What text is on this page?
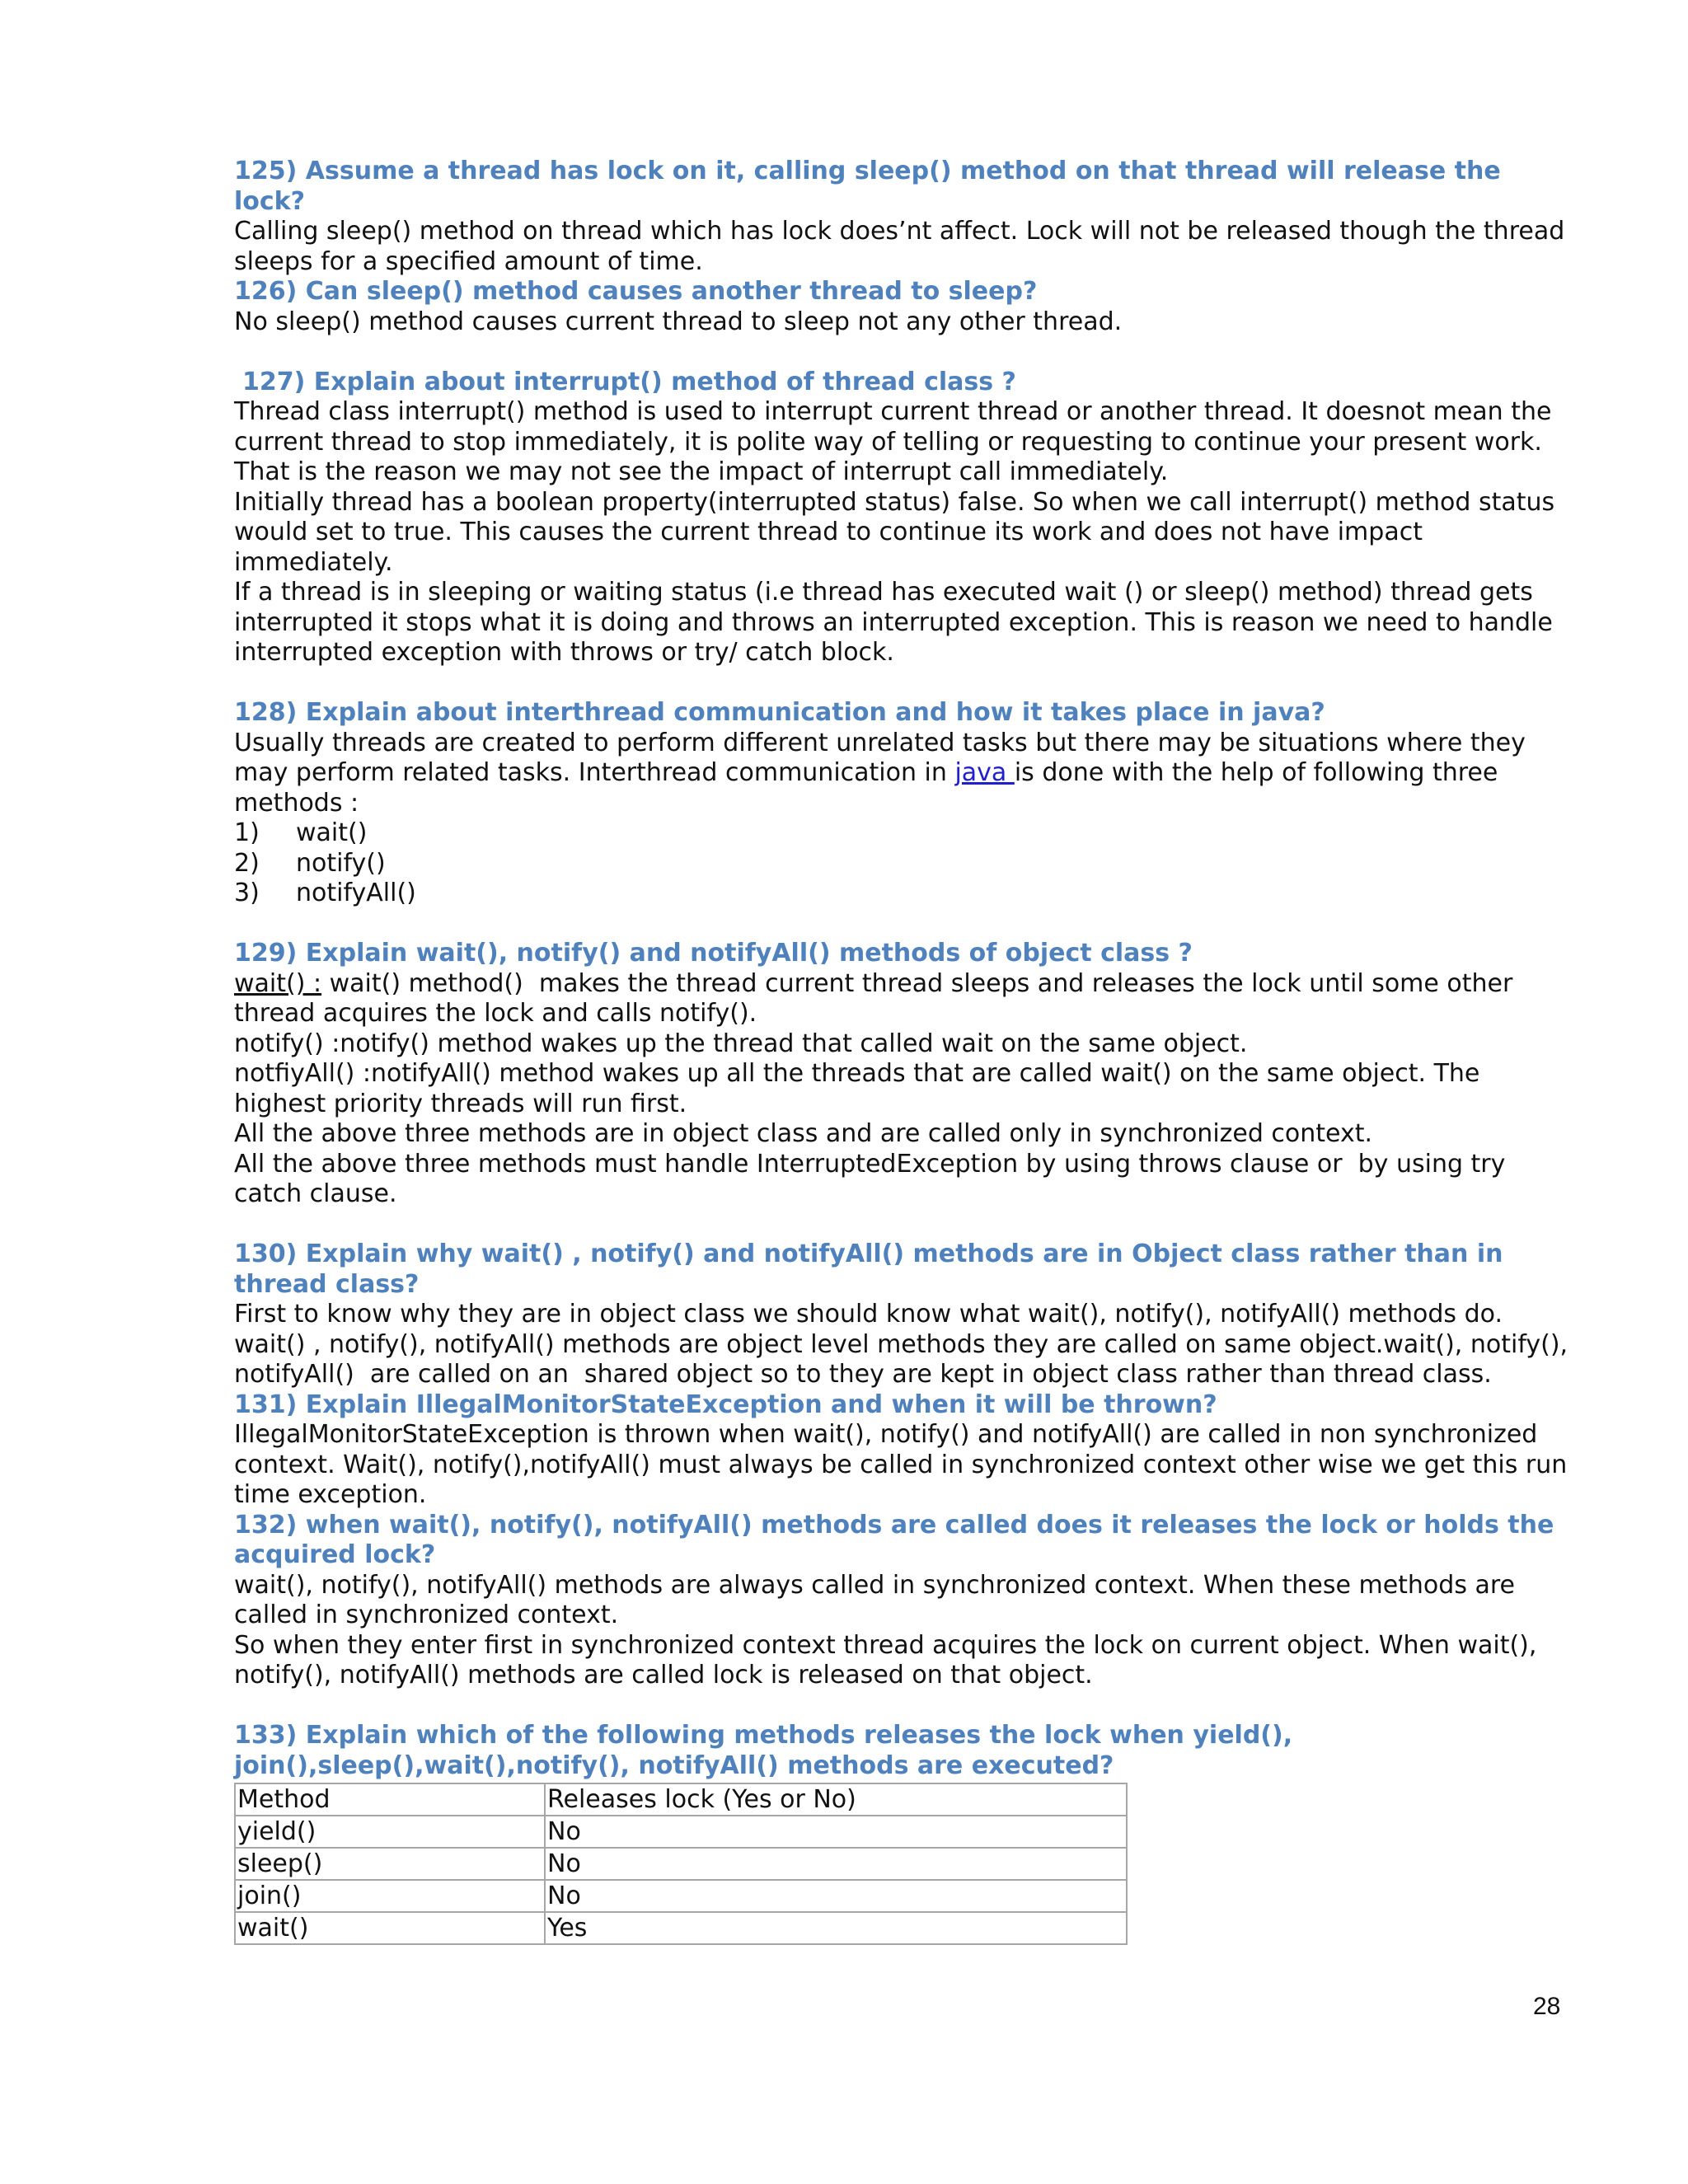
125) Assume a thread has lock on it, calling sleep() method on that thread will release the lock?

Calling sleep() method on thread which has lock does’nt affect. Lock will not be released though the thread sleeps for a specified amount of time.

126) Can sleep() method causes another thread to sleep?

No sleep() method causes current thread to sleep not any other thread.

127) Explain about interrupt() method of thread class ?

Thread class interrupt() method is used to interrupt current thread or another thread. It doesnot mean the current thread to stop immediately, it is polite way of telling or requesting to continue your present work. That is the reason we may not see the impact of interrupt call immediately.

Initially thread has a boolean property(interrupted status) false. So when we call interrupt() method status would set to true. This causes the current thread to continue its work and does not have impact immediately.

If a thread is in sleeping or waiting status (i.e thread has executed wait () or sleep() method) thread gets interrupted it stops what it is doing and throws an interrupted exception. This is reason we need to handle interrupted exception with throws or try/ catch block.

128) Explain about interthread communication and how it takes place in java?

Usually threads are created to perform different unrelated tasks but there may be situations where they may perform related tasks. Interthread communication in java is done with the help of following three methods :

1)	wait()
2)	notify()
3)	notifyAll()

129) Explain wait(), notify() and notifyAll() methods of object class ?

wait() : wait() method()  makes the thread current thread sleeps and releases the lock until some other thread acquires the lock and calls notify().

notify() :notify() method wakes up the thread that called wait on the same object.

notfiyAll() :notifyAll() method wakes up all the threads that are called wait() on the same object. The highest priority threads will run first.

All the above three methods are in object class and are called only in synchronized context.

All the above three methods must handle InterruptedException by using throws clause or  by using try catch clause.

130) Explain why wait() , notify() and notifyAll() methods are in Object class rather than in thread class?

First to know why they are in object class we should know what wait(), notify(), notifyAll() methods do. wait() , notify(), notifyAll() methods are object level methods they are called on same object.wait(), notify(), notifyAll()  are called on an  shared object so to they are kept in object class rather than thread class.

131) Explain IllegalMonitorStateException and when it will be thrown?

IllegalMonitorStateException is thrown when wait(), notify() and notifyAll() are called in non synchronized context. Wait(), notify(),notifyAll() must always be called in synchronized context other wise we get this run time exception.

132) when wait(), notify(), notifyAll() methods are called does it releases the lock or holds the acquired lock?

wait(), notify(), notifyAll() methods are always called in synchronized context. When these methods are called in synchronized context.

So when they enter first in synchronized context thread acquires the lock on current object. When wait(), notify(), notifyAll() methods are called lock is released on that object.

133) Explain which of the following methods releases the lock when yield(), join(),sleep(),wait(),notify(), notifyAll() methods are executed?

Method	Releases lock (Yes or No)
yield()	No
sleep()	No
join()	No
wait()	Yes
28
